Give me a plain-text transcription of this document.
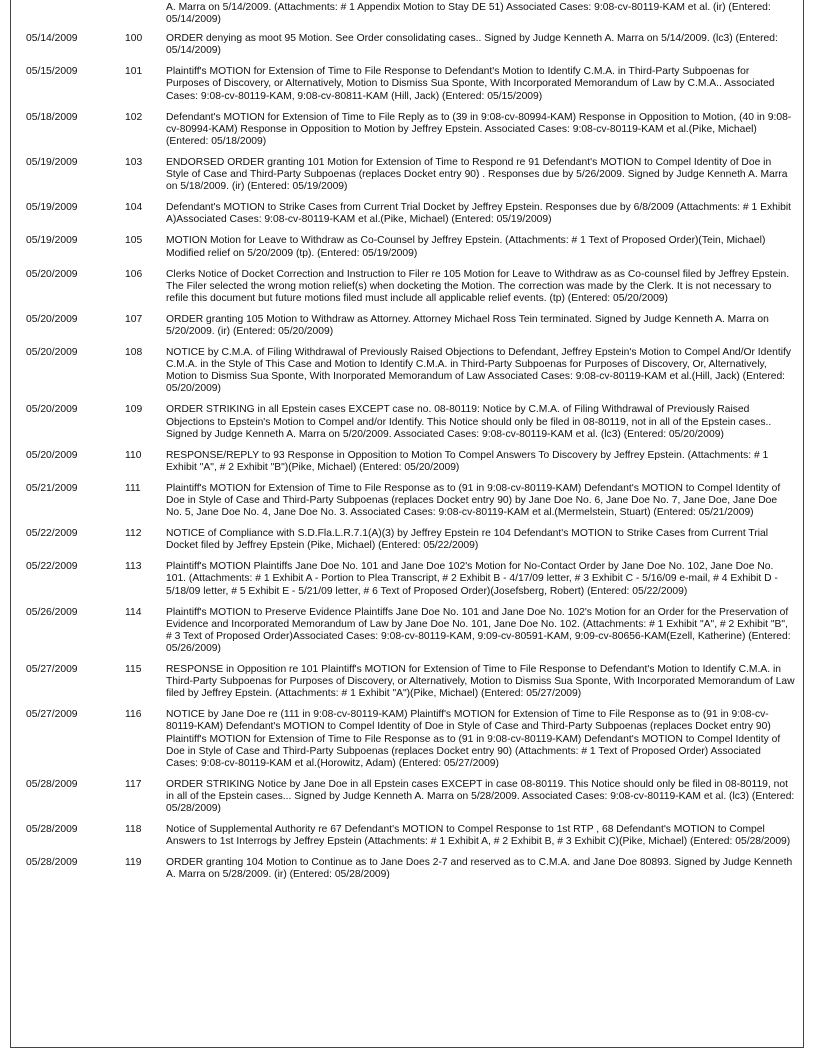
		A. Marra on 5/14/2009. (Attachments: # 1 Appendix Motion to Stay DE 51) Associated Cases: 9:08-cv-80119-KAM et al. (ir) (Entered: 05/14/2009)
05/14/2009	100	ORDER denying as moot 95 Motion. See Order consolidating cases.. Signed by Judge Kenneth A. Marra on 5/14/2009. (lc3) (Entered: 05/14/2009)
05/15/2009	101	Plaintiff's MOTION for Extension of Time to File Response to Defendant's Motion to Identify C.M.A. in Third-Party Subpoenas for Purposes of Discovery, or Alternatively, Motion to Dismiss Sua Sponte, With Incorporated Memorandum of Law by C.M.A.. Associated Cases: 9:08-cv-80119-KAM, 9:08-cv-80811-KAM (Hill, Jack) (Entered: 05/15/2009)
05/18/2009	102	Defendant's MOTION for Extension of Time to File Reply as to (39 in 9:08-cv-80994-KAM) Response in Opposition to Motion, (40 in 9:08-cv-80994-KAM) Response in Opposition to Motion by Jeffrey Epstein. Associated Cases: 9:08-cv-80119-KAM et al.(Pike, Michael) (Entered: 05/18/2009)
05/19/2009	103	ENDORSED ORDER granting 101 Motion for Extension of Time to Respond re 91 Defendant's MOTION to Compel Identity of Doe in Style of Case and Third-Party Subpoenas (replaces Docket entry 90) . Responses due by 5/26/2009. Signed by Judge Kenneth A. Marra on 5/18/2009. (ir) (Entered: 05/19/2009)
05/19/2009	104	Defendant's MOTION to Strike Cases from Current Trial Docket by Jeffrey Epstein. Responses due by 6/8/2009 (Attachments: # 1 Exhibit A)Associated Cases: 9:08-cv-80119-KAM et al.(Pike, Michael) (Entered: 05/19/2009)
05/19/2009	105	MOTION Motion for Leave to Withdraw as Co-Counsel by Jeffrey Epstein. (Attachments: # 1 Text of Proposed Order)(Tein, Michael) Modified relief on 5/20/2009 (tp). (Entered: 05/19/2009)
05/20/2009	106	Clerks Notice of Docket Correction and Instruction to Filer re 105 Motion for Leave to Withdraw as as Co-counsel filed by Jeffrey Epstein. The Filer selected the wrong motion relief(s) when docketing the Motion. The correction was made by the Clerk. It is not necessary to refile this document but future motions filed must include all applicable relief events. (tp) (Entered: 05/20/2009)
05/20/2009	107	ORDER granting 105 Motion to Withdraw as Attorney. Attorney Michael Ross Tein terminated. Signed by Judge Kenneth A. Marra on 5/20/2009. (ir) (Entered: 05/20/2009)
05/20/2009	108	NOTICE by C.M.A. of Filing Withdrawal of Previously Raised Objections to Defendant, Jeffrey Epstein's Motion to Compel And/Or Identify C.M.A. in the Style of This Case and Motion to Identify C.M.A. in Third-Party Subpoenas for Purposes of Discovery, Or, Alternatively, Motion to Dismiss Sua Sponte, With Inorporated Memorandum of Law Associated Cases: 9:08-cv-80119-KAM et al.(Hill, Jack) (Entered: 05/20/2009)
05/20/2009	109	ORDER STRIKING in all Epstein cases EXCEPT case no. 08-80119: Notice by C.M.A. of Filing Withdrawal of Previously Raised Objections to Epstein's Motion to Compel and/or Identify. This Notice should only be filed in 08-80119, not in all of the Epstein cases.. Signed by Judge Kenneth A. Marra on 5/20/2009. Associated Cases: 9:08-cv-80119-KAM et al. (lc3) (Entered: 05/20/2009)
05/20/2009	110	RESPONSE/REPLY to 93 Response in Opposition to Motion To Compel Answers To Discovery by Jeffrey Epstein. (Attachments: # 1 Exhibit "A", # 2 Exhibit "B")(Pike, Michael) (Entered: 05/20/2009)
05/21/2009	111	Plaintiff's MOTION for Extension of Time to File Response as to (91 in 9:08-cv-80119-KAM) Defendant's MOTION to Compel Identity of Doe in Style of Case and Third-Party Subpoenas (replaces Docket entry 90) by Jane Doe No. 6, Jane Doe No. 7, Jane Doe, Jane Doe No. 5, Jane Doe No. 4, Jane Doe No. 3. Associated Cases: 9:08-cv-80119-KAM et al.(Mermelstein, Stuart) (Entered: 05/21/2009)
05/22/2009	112	NOTICE of Compliance with S.D.Fla.L.R.7.1(A)(3) by Jeffrey Epstein re 104 Defendant's MOTION to Strike Cases from Current Trial Docket filed by Jeffrey Epstein (Pike, Michael) (Entered: 05/22/2009)
05/22/2009	113	Plaintiff's MOTION Plaintiffs Jane Doe No. 101 and Jane Doe 102's Motion for No-Contact Order by Jane Doe No. 102, Jane Doe No. 101. (Attachments: # 1 Exhibit A - Portion to Plea Transcript, # 2 Exhibit B - 4/17/09 letter, # 3 Exhibit C - 5/16/09 e-mail, # 4 Exhibit D - 5/18/09 letter, # 5 Exhibit E - 5/21/09 letter, # 6 Text of Proposed Order)(Josefsberg, Robert) (Entered: 05/22/2009)
05/26/2009	114	Plaintiff's MOTION to Preserve Evidence Plaintiffs Jane Doe No. 101 and Jane Doe No. 102's Motion for an Order for the Preservation of Evidence and Incorporated Memorandum of Law by Jane Doe No. 101, Jane Doe No. 102. (Attachments: # 1 Exhibit "A", # 2 Exhibit "B", # 3 Text of Proposed Order)Associated Cases: 9:08-cv-80119-KAM, 9:09-cv-80591-KAM, 9:09-cv-80656-KAM(Ezell, Katherine) (Entered: 05/26/2009)
05/27/2009	115	RESPONSE in Opposition re 101 Plaintiff's MOTION for Extension of Time to File Response to Defendant's Motion to Identify C.M.A. in Third-Party Subpoenas for Purposes of Discovery, or Alternatively, Motion to Dismiss Sua Sponte, With Incorporated Memorandum of Law filed by Jeffrey Epstein. (Attachments: # 1 Exhibit "A")(Pike, Michael) (Entered: 05/27/2009)
05/27/2009	116	NOTICE by Jane Doe re (111 in 9:08-cv-80119-KAM) Plaintiff's MOTION for Extension of Time to File Response as to (91 in 9:08-cv-80119-KAM) Defendant's MOTION to Compel Identity of Doe in Style of Case and Third-Party Subpoenas (replaces Docket entry 90) Plaintiff's MOTION for Extension of Time to File Response as to (91 in 9:08-cv-80119-KAM) Defendant's MOTION to Compel Identity of Doe in Style of Case and Third-Party Subpoenas (replaces Docket entry 90) (Attachments: # 1 Text of Proposed Order) Associated Cases: 9:08-cv-80119-KAM et al.(Horowitz, Adam) (Entered: 05/27/2009)
05/28/2009	117	ORDER STRIKING Notice by Jane Doe in all Epstein cases EXCEPT in case 08-80119. This Notice should only be filed in 08-80119, not in all of the Epstein cases... Signed by Judge Kenneth A. Marra on 5/28/2009. Associated Cases: 9:08-cv-80119-KAM et al. (lc3) (Entered: 05/28/2009)
05/28/2009	118	Notice of Supplemental Authority re 67 Defendant's MOTION to Compel Response to 1st RTP , 68 Defendant's MOTION to Compel Answers to 1st Interrogs by Jeffrey Epstein (Attachments: # 1 Exhibit A, # 2 Exhibit B, # 3 Exhibit C)(Pike, Michael) (Entered: 05/28/2009)
05/28/2009	119	ORDER granting 104 Motion to Continue as to Jane Does 2-7 and reserved as to C.M.A. and Jane Doe 80893. Signed by Judge Kenneth A. Marra on 5/28/2009. (ir) (Entered: 05/28/2009)
